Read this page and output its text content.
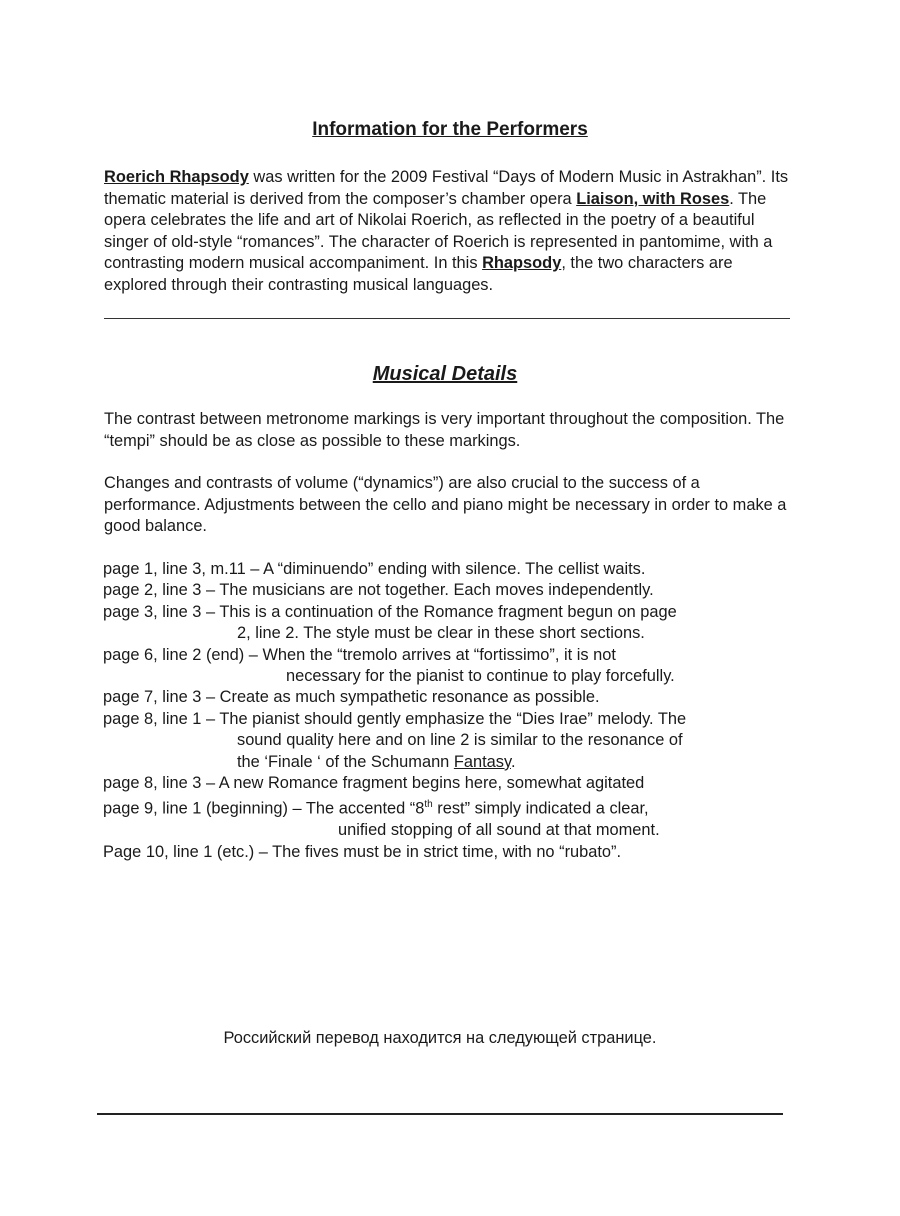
Information for the Performers
Roerich Rhapsody was written for the 2009 Festival “Days of Modern Music in Astrakhan”. Its thematic material is derived from the composer’s chamber opera Liaison, with Roses. The opera celebrates the life and art of Nikolai Roerich, as reflected in the poetry of a beautiful singer of old-style “romances”. The character of Roerich is represented in pantomime, with a contrasting modern musical accompaniment. In this Rhapsody, the two characters are explored through their contrasting musical languages.
Musical Details
The contrast between metronome markings is very important throughout the composition. The “tempi” should be as close as possible to these markings.
Changes and contrasts of volume (“dynamics”) are also crucial to the success of a performance. Adjustments between the cello and piano might be necessary in order to make a good balance.
page 1, line 3, m.11 – A “diminuendo” ending with silence. The cellist waits.
page 2, line 3 – The musicians are not together. Each moves independently.
page 3, line 3 – This is a continuation of the Romance fragment begun on page
2, line 2. The style must be clear in these short sections.
page 6, line 2 (end) – When the “tremolo arrives at “fortissimo”, it is not
necessary for the pianist to continue to play forcefully.
page 7, line 3 – Create as much sympathetic resonance as possible.
page 8, line 1 – The pianist should gently emphasize the “Dies Irae” melody. The
sound quality here and on line 2 is similar to the resonance of
the ‘Finale ‘ of the Schumann Fantasy.
page 8, line 3 – A new Romance fragment begins here, somewhat agitated
page 9, line 1 (beginning) – The accented “8th rest” simply indicated a clear,
unified stopping of all sound at that moment.
Page 10, line 1 (etc.) – The fives must be in strict time, with no “rubato”.
Российский перевод находится на следующей странице.
